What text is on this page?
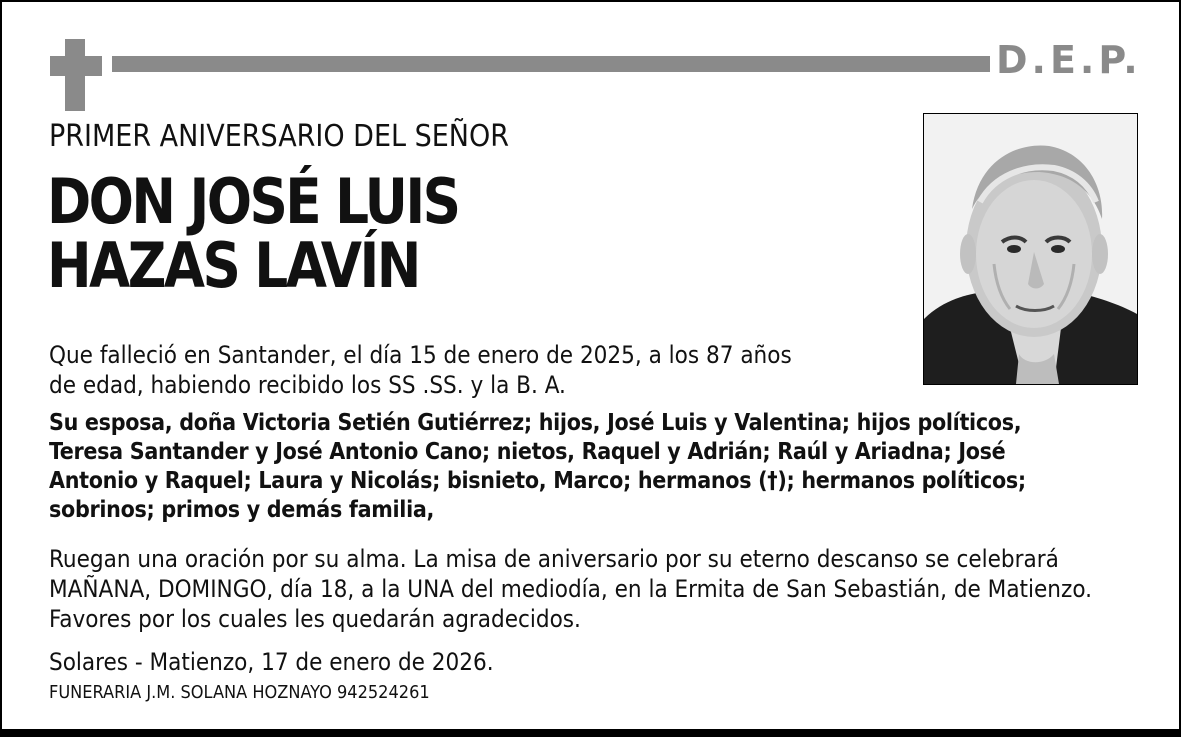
D.E.P.
PRIMER ANIVERSARIO DEL SEÑOR
DON JOSÉ LUIS
HAZAS LAVÍN
Que falleció en Santander, el día 15 de enero de 2025, a los 87 años
de edad, habiendo recibido los SS .SS. y la B. A.
Su esposa, doña Victoria Setién Gutiérrez; hijos, José Luis y Valentina; hijos políticos,
Teresa Santander y José Antonio Cano; nietos, Raquel y Adrián; Raúl y Ariadna; José
Antonio y Raquel; Laura y Nicolás; bisnieto, Marco; hermanos (†); hermanos políticos;
sobrinos; primos y demás familia,
Ruegan una oración por su alma. La misa de aniversario por su eterno descanso se celebrará
MAÑANA, DOMINGO, día 18, a la UNA del mediodía, en la Ermita de San Sebastián, de Matienzo.
Favores por los cuales les quedarán agradecidos.
Solares - Matienzo, 17 de enero de 2026.
FUNERARIA J.M. SOLANA HOZNAYO 942524261
